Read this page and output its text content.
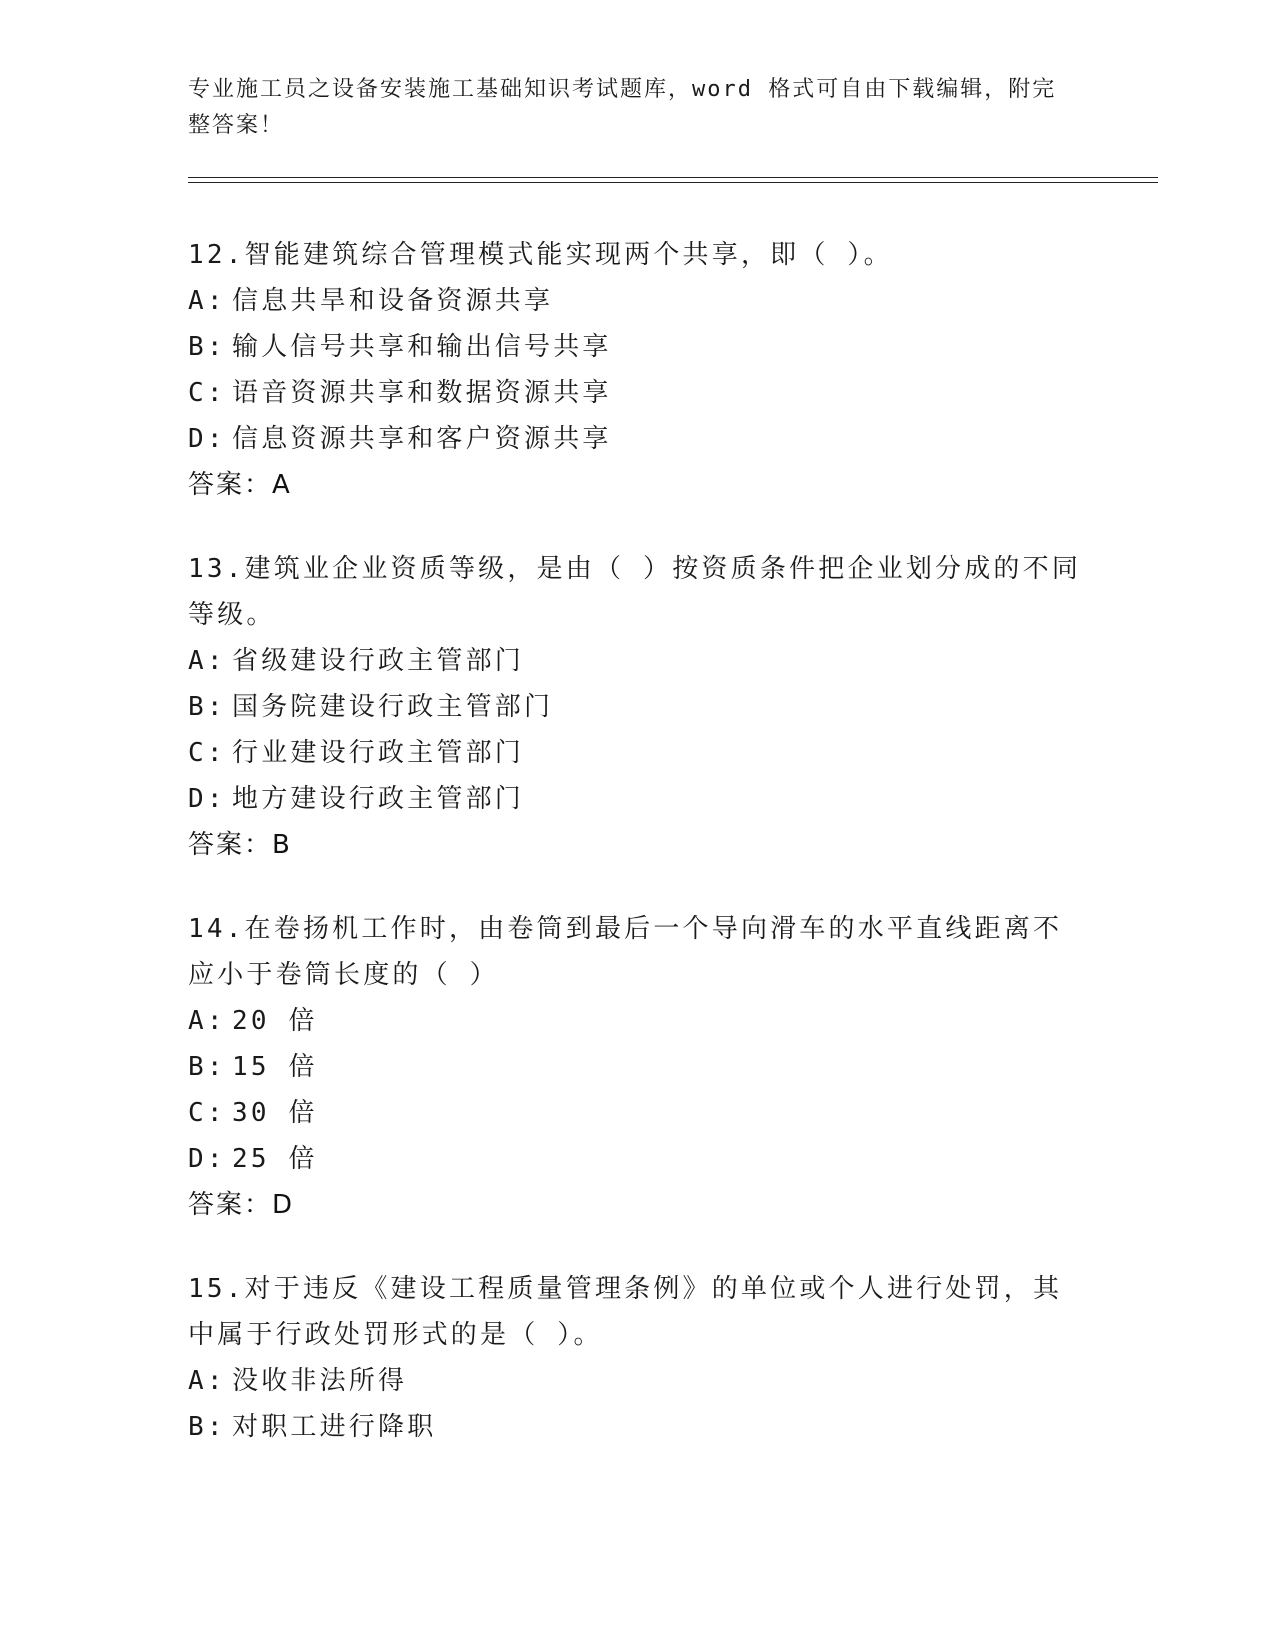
专业施工员之设备安装施工基础知识考试题库，word 格式可自由下载编辑，附完整答案！
12.智能建筑综合管理模式能实现两个共享，即（ ）。
A: 信息共旱和设备资源共享
B: 输人信号共享和输出信号共享
C: 语音资源共享和数据资源共享
D: 信息资源共享和客户资源共享
答案：A
13.建筑业企业资质等级，是由（ ）按资质条件把企业划分成的不同等级。
A: 省级建设行政主管部门
B: 国务院建设行政主管部门
C: 行业建设行政主管部门
D: 地方建设行政主管部门
答案：B
14.在卷扬机工作时，由卷筒到最后一个导向滑车的水平直线距离不应小于卷筒长度的（ ）
A: 20 倍
B: 15 倍
C: 30 倍
D: 25 倍
答案：D
15.对于违反《建设工程质量管理条例》的单位或个人进行处罚，其中属于行政处罚形式的是（ ）。
A: 没收非法所得
B: 对职工进行降职
